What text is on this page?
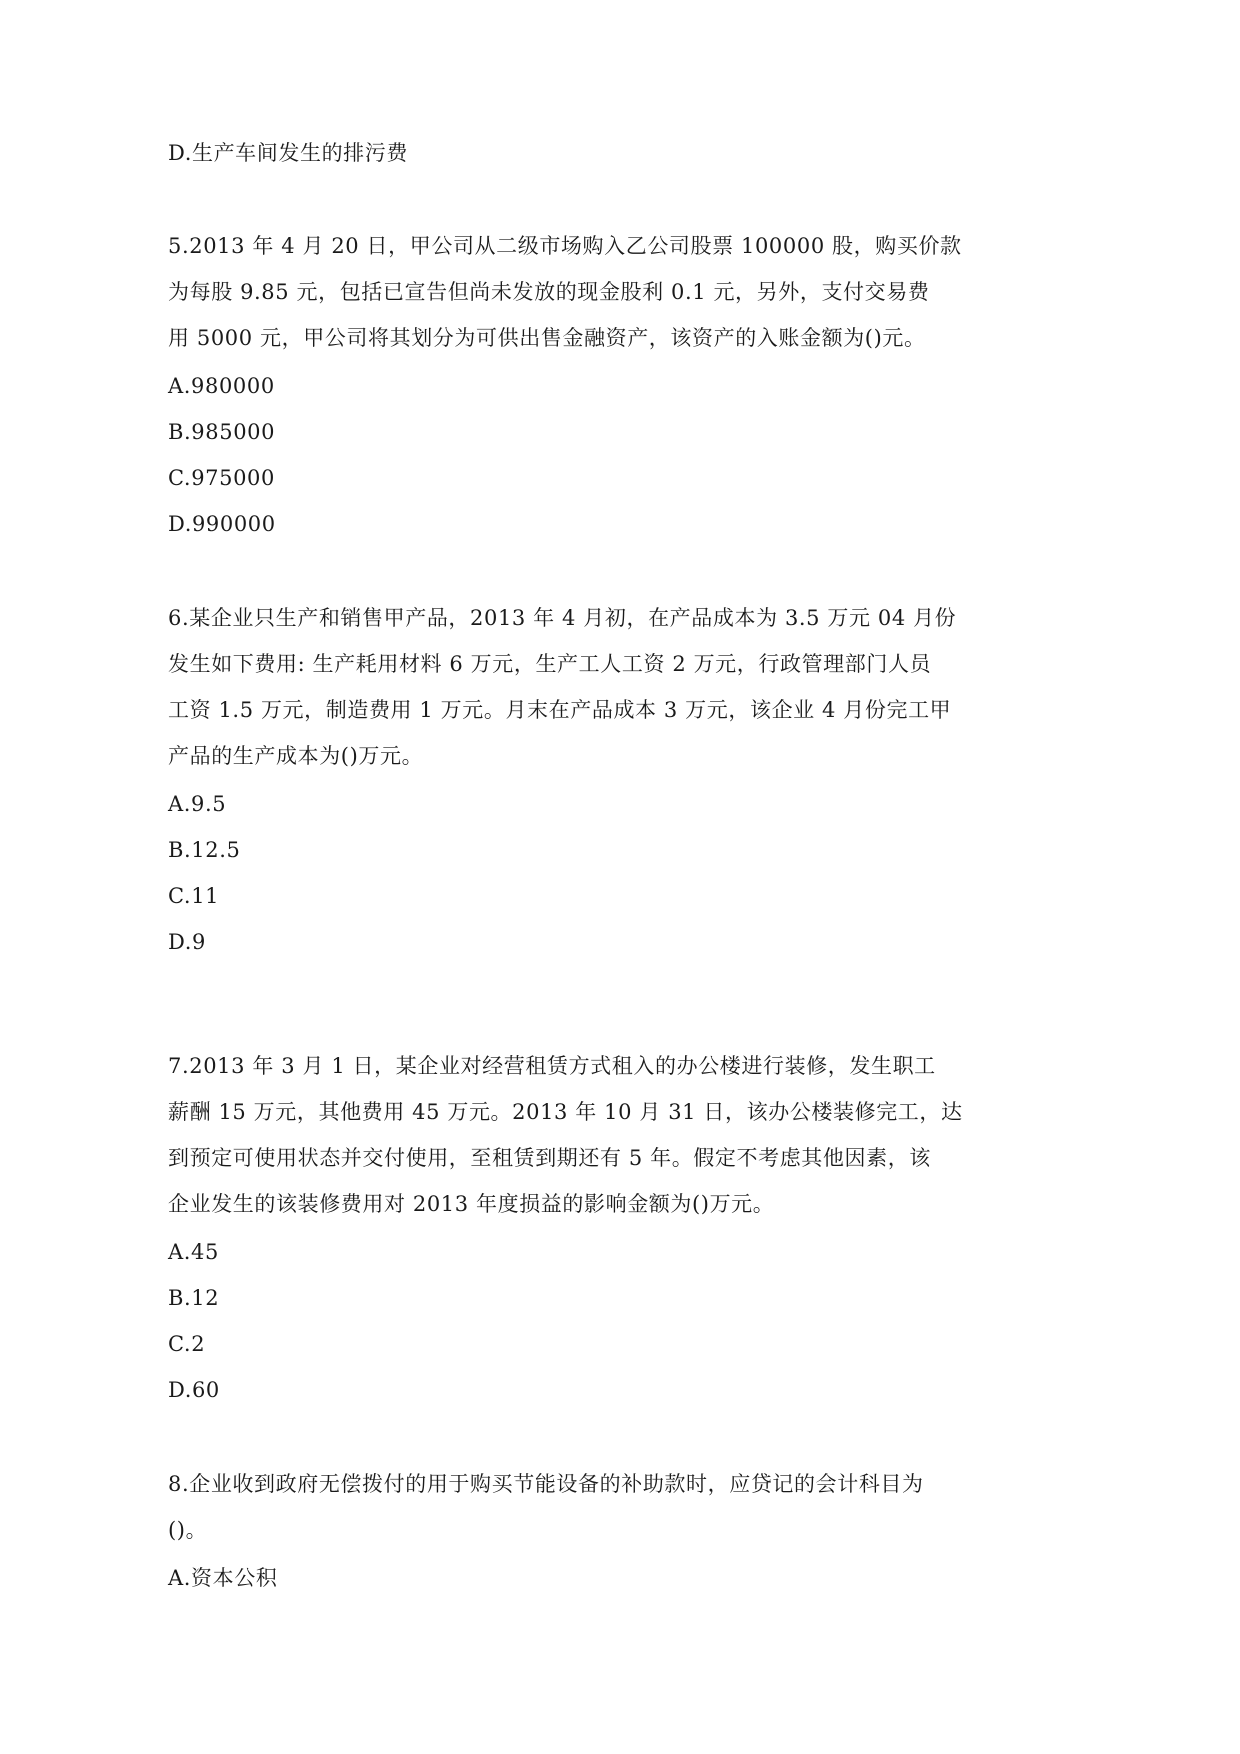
D.生产车间发生的排污费
5.2013 年 4 月 20 日，甲公司从二级市场购入乙公司股票 100000 股，购买价款
为每股 9.85 元，包括已宣告但尚未发放的现金股利 0.1 元，另外，支付交易费
用 5000 元，甲公司将其划分为可供出售金融资产，该资产的入账金额为()元。
A.980000
B.985000
C.975000
D.990000
6.某企业只生产和销售甲产品，2013 年 4 月初，在产品成本为 3.5 万元 04 月份
发生如下费用: 生产耗用材料 6 万元，生产工人工资 2 万元，行政管理部门人员
工资 1.5 万元，制造费用 1 万元。月末在产品成本 3 万元，该企业 4 月份完工甲
产品的生产成本为()万元。
A.9.5
B.12.5
C.11
D.9
7.2013 年 3 月 1 日，某企业对经营租赁方式租入的办公楼进行装修，发生职工
薪酬 15 万元，其他费用 45 万元。2013 年 10 月 31 日，该办公楼装修完工，达
到预定可使用状态并交付使用，至租赁到期还有 5 年。假定不考虑其他因素，该
企业发生的该装修费用对 2013 年度损益的影响金额为()万元。
A.45
B.12
C.2
D.60
8.企业收到政府无偿拨付的用于购买节能设备的补助款时，应贷记的会计科目为
()。
A.资本公积
